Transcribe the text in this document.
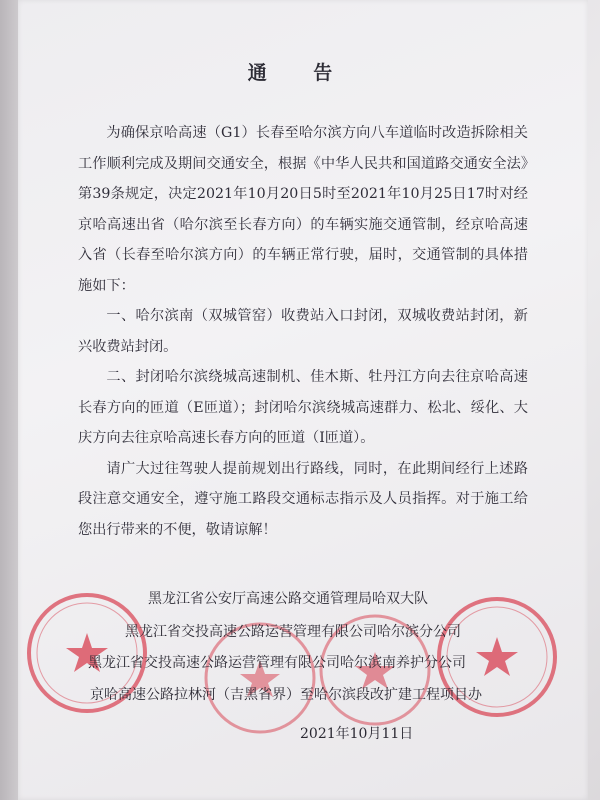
通 告

为确保京哈高速（G1）长春至哈尔滨方向八车道临时改造拆除相关工作顺利完成及期间交通安全，根据《中华人民共和国道路交通安全法》第39条规定，决定2021年10月20日5时至2021年10月25日17时对经京哈高速出省（哈尔滨至长春方向）的车辆实施交通管制，经京哈高速入省（长春至哈尔滨方向）的车辆正常行驶，届时，交通管制的具体措施如下：

一、哈尔滨南（双城管窑）收费站入口封闭，双城收费站封闭，新兴收费站封闭。

二、封闭哈尔滨绕城高速制机、佳木斯、牡丹江方向去往京哈高速长春方向的匝道（E匝道）；封闭哈尔滨绕城高速群力、松北、绥化、大庆方向去往京哈高速长春方向的匝道（I匝道）。

请广大过往驾驶人提前规划出行路线，同时，在此期间经行上述路段注意交通安全，遵守施工路段交通标志指示及人员指挥。对于施工给您出行带来的不便，敬请谅解！

黑龙江省公安厅高速公路交通管理局哈双大队
黑龙江省交投高速公路运营管理有限公司哈尔滨分公司
黑龙江省交投高速公路运营管理有限公司哈尔滨南养护分公司
京哈高速公路拉林河（吉黑省界）至哈尔滨段改扩建工程项目办
2021年10月11日
